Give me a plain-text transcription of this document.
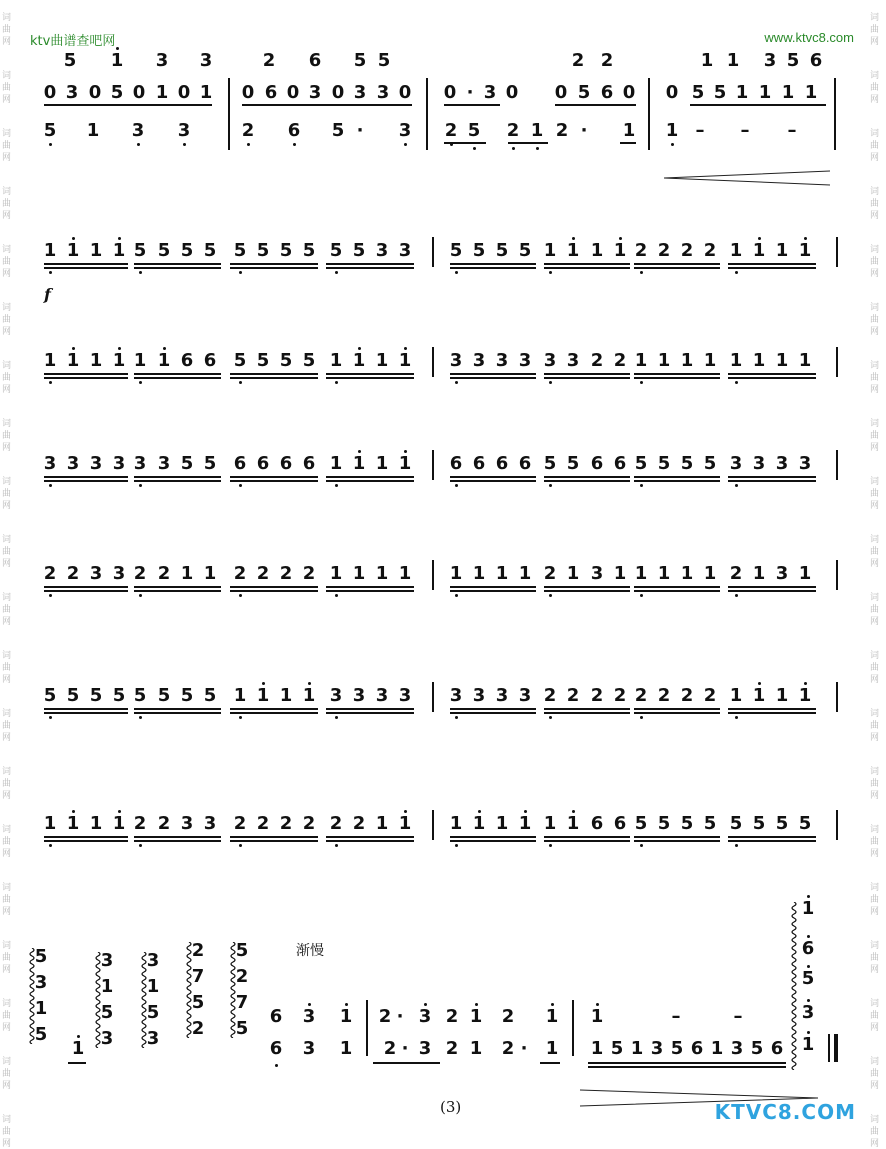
ktv曲谱查吧网	www.ktvc8.com
词
曲
网
词
曲
网
词
曲
网
词
曲
网
词
曲
网
词
曲
网
词
曲
网
词
曲
网
词
曲
网
词
曲
网
词
曲
网
词
曲
网
词
曲
网
词
曲
网
词
曲
网
词
曲
网
词
曲
网
词
曲
网
词
曲
网
词
曲
网
词
曲
网
词
曲
网
词
曲
网
词
曲
网
词
曲
网
词
曲
网
词
曲
网
词
曲
网
词
曲
网
词
曲
网
词
曲
网
词
曲
网
词
曲
网
词
曲
网
词
曲
网
词
曲
网
词
曲
网
词
曲
网
词
曲
网
词
曲
网
5 1 3 3	2 6 5 5	2 2	1 1 3 5 6
0 3 0 5 0 1 0 1 0 6 0 3 0 3 3 0 0 · 3 0 0 5 6 0 0 5 5 1 1 1 1
5 1 3 3	2 6 5 · 3 2 5 2 1 2 · 1 1 – – –
1 1 1 1 5 5 5 5 5 5 5 5 5 5 3 3 5 5 5 5 1 1 1 1 2 2 2 2 1 1 1 1
1 1 1 1 1 1 6 6 5 5 5 5 1 1 1 1 3 3 3 3 3 3 2 2 1 1 1 1 1 1 1 1
3 3 3 3 3 3 5 5 6 6 6 6 1 1 1 1 6 6 6 6 5 5 6 6 5 5 5 5 3 3 3 3
2 2 3 3 2 2 1 1 2 2 2 2 1 1 1 1 1 1 1 1 2 1 3 1 1 1 1 1 2 1 3 1
5 5 5 5 5 5 5 5 1 1 1 1 3 3 3 3 3 3 3 3 2 2 2 2 2 2 2 2 1 1 1 1
1 1 1 1 2 2 3 3 2 2 2 2 2 2 1 1 1 1 1 1 1 1 6 6 5 5 5 5 5 5 5 5
5
3
1
5
3
1
5
3
3
1
5
3
2
7
5
2
5
2
7
5
1
6
6
3
3
1
1
2 · 3 2 1 2 1
2 · 3 2 1 2 · 1
1	–	–
1 5 1 3 5 6 1 3 5 6
1
6
5
3
1
f
渐慢
(3)	KTVC8.COM
